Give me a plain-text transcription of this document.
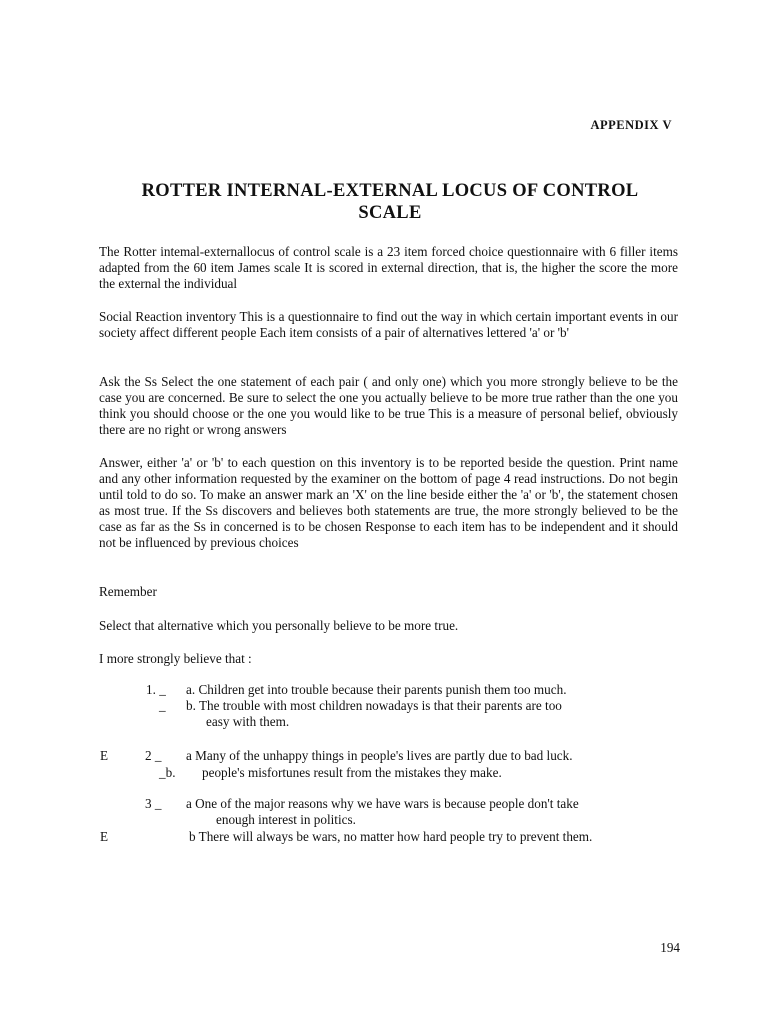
APPENDIX V
ROTTER INTERNAL-EXTERNAL LOCUS OF CONTROL
SCALE

The Rotter intemal-externallocus of control scale is a 23 item forced choice questionnaire with 6 filler items adapted from the 60 item James scale It is scored in external direction, that is, the higher the score the more the external the individual

Social Reaction inventory This is a questionnaire to find out the way in which certain important events in our society affect different people Each item consists of a pair of alternatives lettered 'a' or 'b'

Ask the Ss Select the one statement of each pair ( and only one) which you more strongly believe to be the case you are concerned. Be sure to select the one you actually believe to be more true rather than the one you think you should choose or the one you would like to be true This is a measure of personal belief, obviously there are no right or wrong answers

Answer, either 'a' or 'b' to each question on this inventory is to be reported beside the question. Print name and any other information requested by the examiner on the bottom of page 4 read instructions. Do not begin until told to do so. To make an answer mark an 'X' on the line beside either the 'a' or 'b', the statement chosen as most true. If the Ss discovers and believes both statements are true, the more strongly believed to be the case as far as the Ss in concerned is to be chosen Response to each item has to be independent and it should not be influenced by previous choices

Remember

Select that alternative which you personally believe to be more true.

I more strongly believe that :

1. _ a. Children get into trouble because their parents punish them too much.
_ b. The trouble with most children nowadays is that their parents are too
easy with them.
E	2 _ a Many of the unhappy things in people's lives are partly due to bad luck.
_b. people's misfortunes result from the mistakes they make.
3 _ a One of the major reasons why we have wars is because people don't take
enough interest in politics.
E	b There will always be wars, no matter how hard people try to prevent them.
194
